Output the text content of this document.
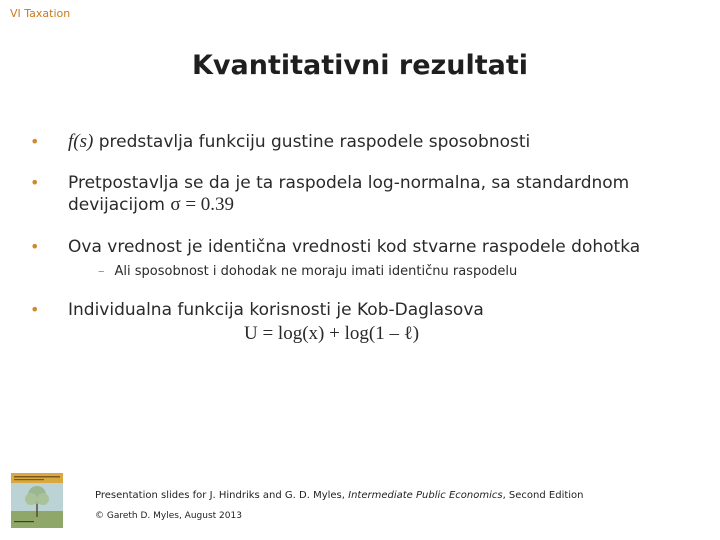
VI Taxation
Kvantitativni rezultati
•	f(s) predstavlja funkciju gustine raspodele sposobnosti
•	Pretpostavlja se da je ta raspodela log-normalna, sa standardnom
devijacijom σ = 0.39
•	Ova vrednost je identična vrednosti kod stvarne raspodele dohotka
– Ali sposobnost i dohodak ne moraju imati identičnu raspodelu
•	Individualna funkcija korisnosti je Kob-Daglasova
U = log(x) + log(1 – ℓ)
Presentation slides for J. Hindriks and G. D. Myles, Intermediate Public Economics, Second Edition
© Gareth D. Myles, August 2013
